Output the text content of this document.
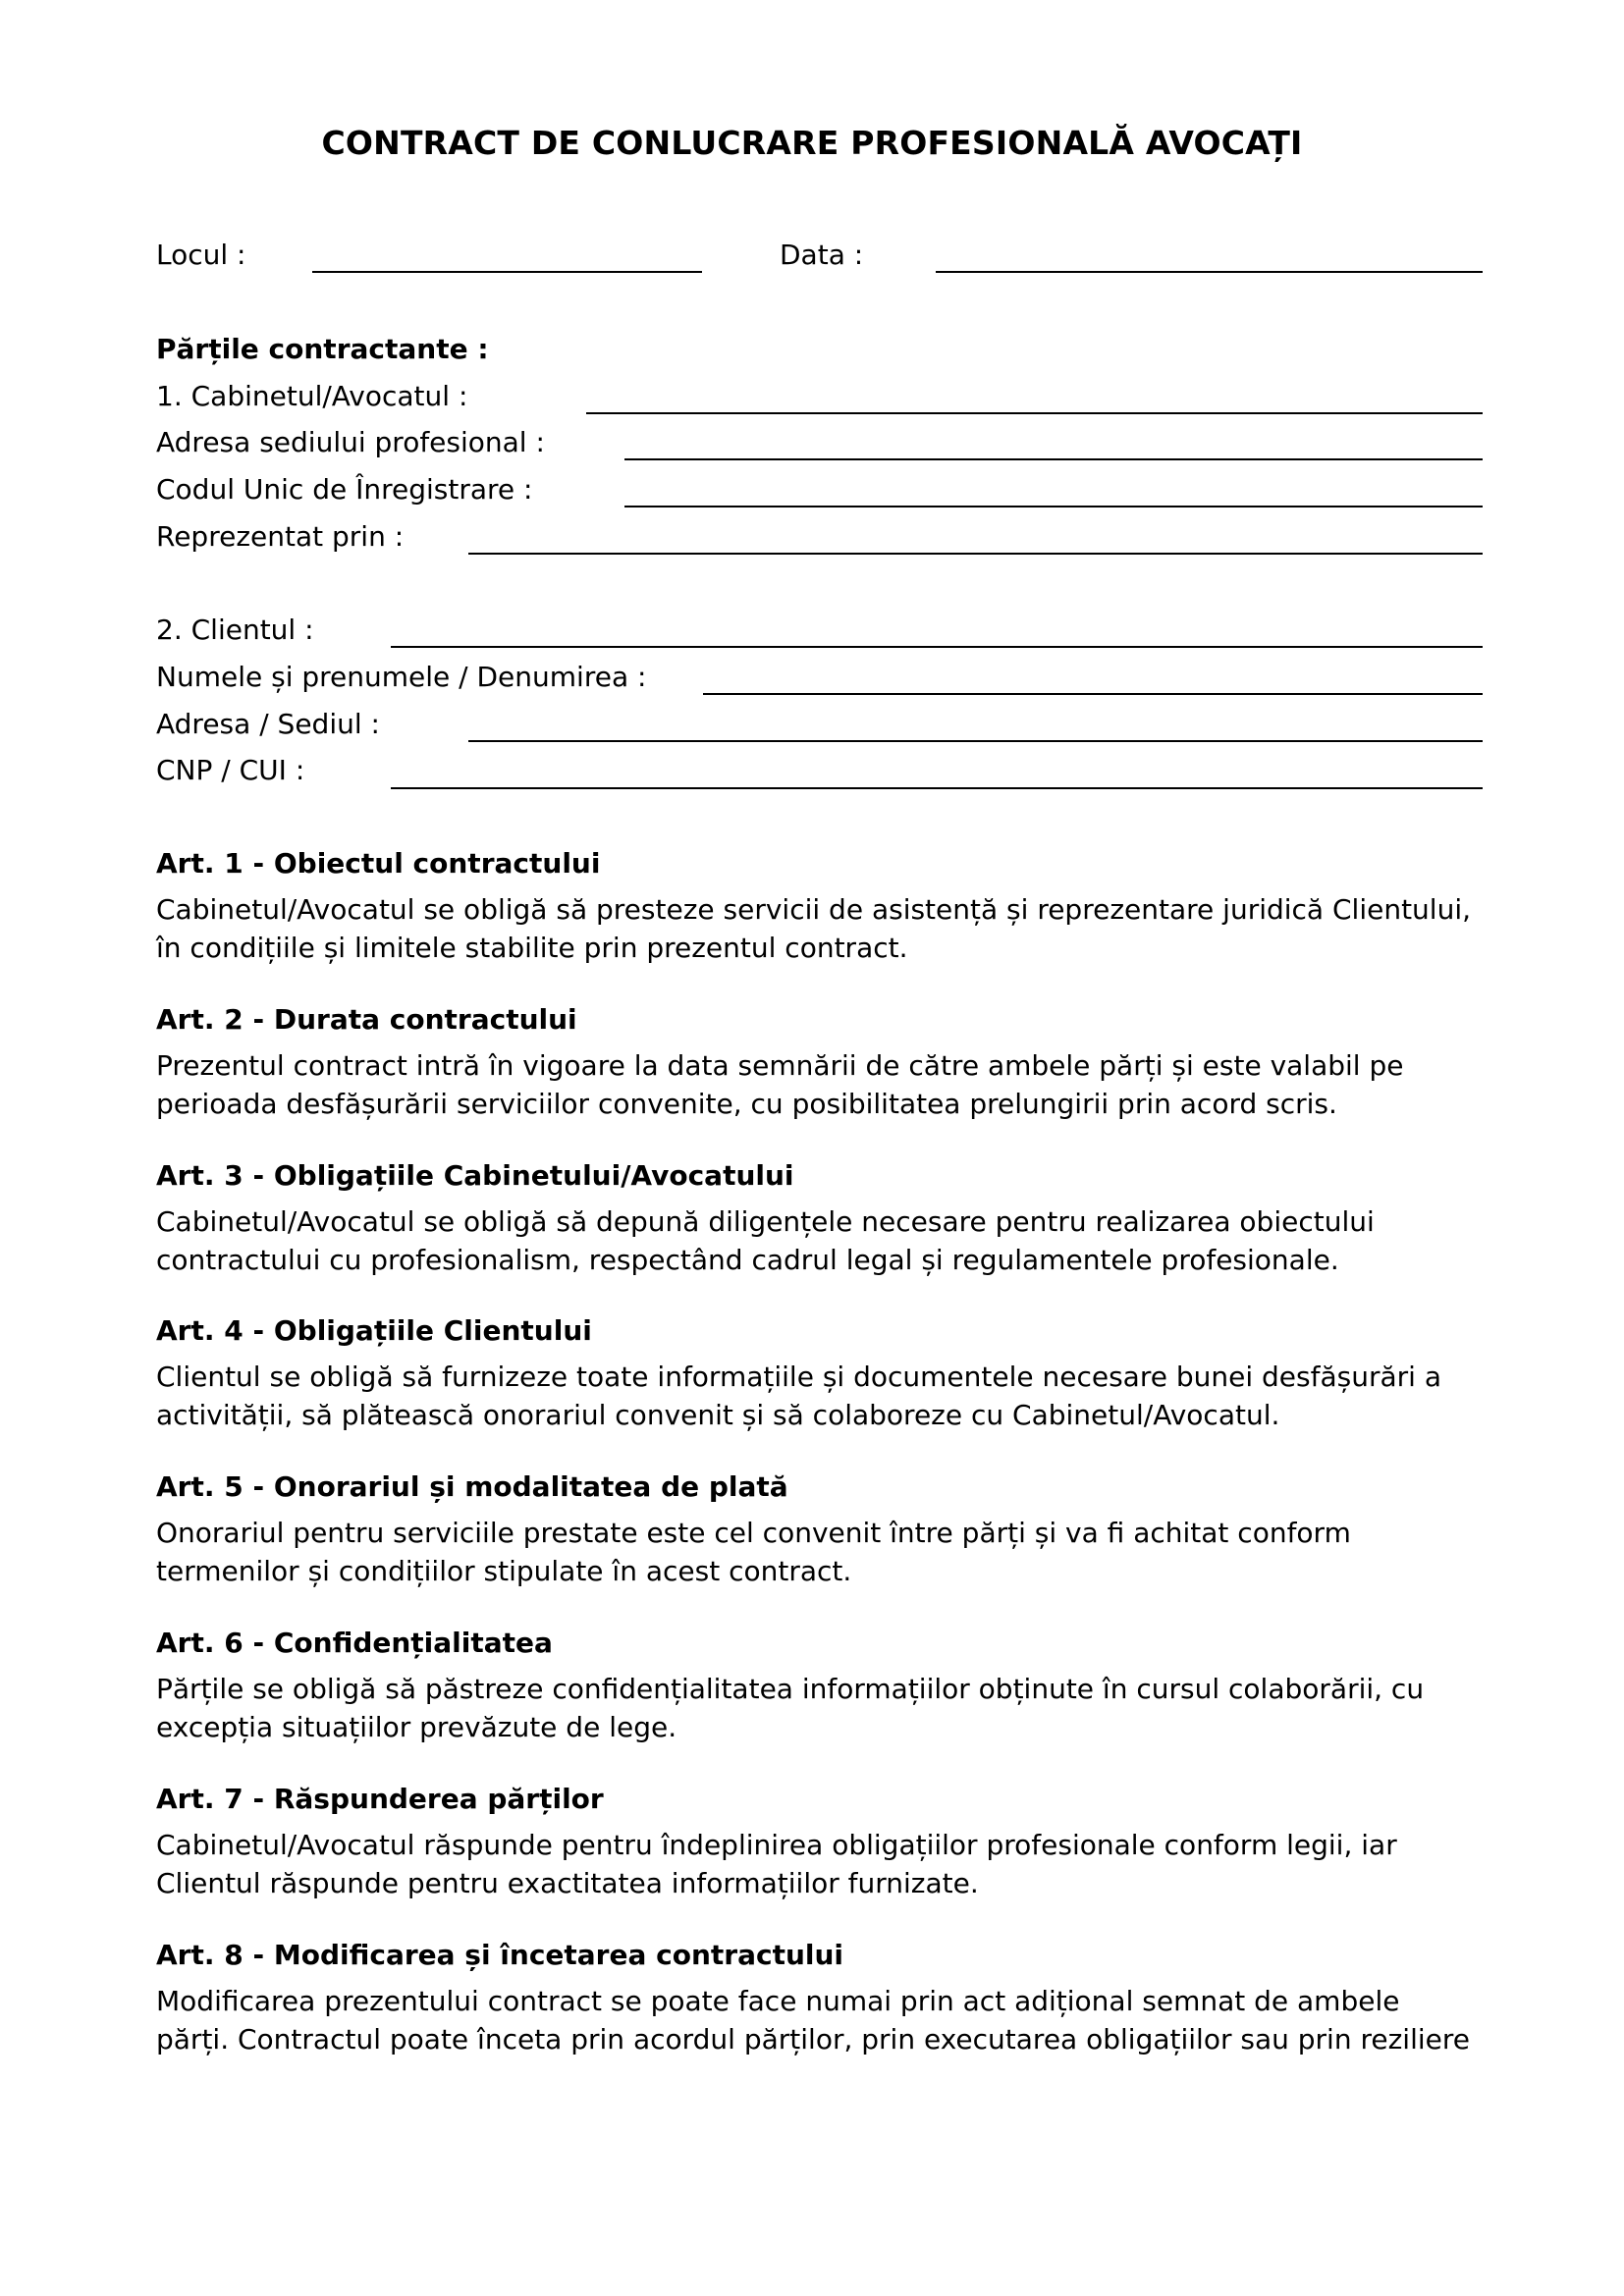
CONTRACT DE CONLUCRARE PROFESIONALĂ AVOCAȚI
Locul :	Data :
Părțile contractante :
1. Cabinetul/Avocatul :
Adresa sediului profesional :
Codul Unic de Înregistrare :
Reprezentat prin :
2. Clientul :
Numele și prenumele / Denumirea :
Adresa / Sediul :
CNP / CUI :
Art. 1 - Obiectul contractului
Cabinetul/Avocatul se obligă să presteze servicii de asistență și reprezentare juridică Clientului,
în condițiile și limitele stabilite prin prezentul contract.
Art. 2 - Durata contractului
Prezentul contract intră în vigoare la data semnării de către ambele părți și este valabil pe
perioada desfășurării serviciilor convenite, cu posibilitatea prelungirii prin acord scris.
Art. 3 - Obligațiile Cabinetului/Avocatului
Cabinetul/Avocatul se obligă să depună diligențele necesare pentru realizarea obiectului
contractului cu profesionalism, respectând cadrul legal și regulamentele profesionale.
Art. 4 - Obligațiile Clientului
Clientul se obligă să furnizeze toate informațiile și documentele necesare bunei desfășurări a
activității, să plătească onorariul convenit și să colaboreze cu Cabinetul/Avocatul.
Art. 5 - Onorariul și modalitatea de plată
Onorariul pentru serviciile prestate este cel convenit între părți și va fi achitat conform
termenilor și condițiilor stipulate în acest contract.
Art. 6 - Confidențialitatea
Părțile se obligă să păstreze confidențialitatea informațiilor obținute în cursul colaborării, cu
excepția situațiilor prevăzute de lege.
Art. 7 - Răspunderea părților
Cabinetul/Avocatul răspunde pentru îndeplinirea obligațiilor profesionale conform legii, iar
Clientul răspunde pentru exactitatea informațiilor furnizate.
Art. 8 - Modificarea și încetarea contractului
Modificarea prezentului contract se poate face numai prin act adițional semnat de ambele
părți. Contractul poate înceta prin acordul părților, prin executarea obligațiilor sau prin reziliere
